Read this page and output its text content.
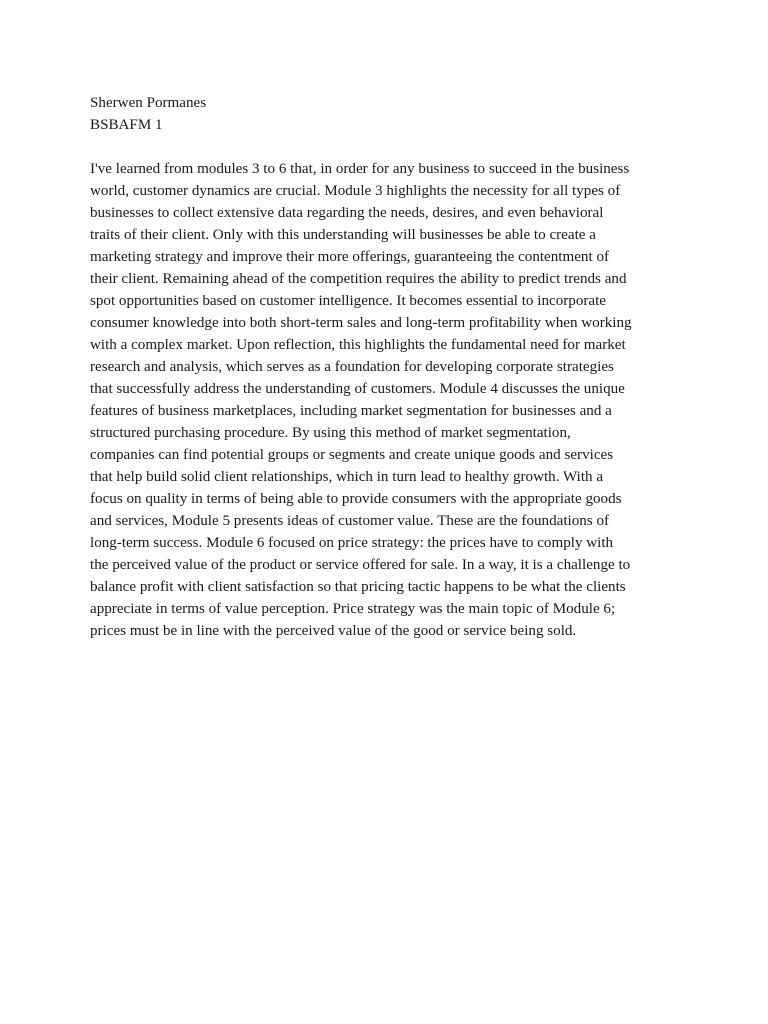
Sherwen Pormanes

BSBAFM 1

I've learned from modules 3 to 6 that, in order for any business to succeed in the business
world, customer dynamics are crucial. Module 3 highlights the necessity for all types of
businesses to collect extensive data regarding the needs, desires, and even behavioral
traits of their client. Only with this understanding will businesses be able to create a
marketing strategy and improve their more offerings, guaranteeing the contentment of
their client. Remaining ahead of the competition requires the ability to predict trends and
spot opportunities based on customer intelligence. It becomes essential to incorporate
consumer knowledge into both short-term sales and long-term profitability when working
with a complex market. Upon reflection, this highlights the fundamental need for market
research and analysis, which serves as a foundation for developing corporate strategies
that successfully address the understanding of customers. Module 4 discusses the unique
features of business marketplaces, including market segmentation for businesses and a
structured purchasing procedure. By using this method of market segmentation,
companies can find potential groups or segments and create unique goods and services
that help build solid client relationships, which in turn lead to healthy growth. With a
focus on quality in terms of being able to provide consumers with the appropriate goods
and services, Module 5 presents ideas of customer value. These are the foundations of
long-term success. Module 6 focused on price strategy: the prices have to comply with
the perceived value of the product or service offered for sale. In a way, it is a challenge to
balance profit with client satisfaction so that pricing tactic happens to be what the clients
appreciate in terms of value perception. Price strategy was the main topic of Module 6;
prices must be in line with the perceived value of the good or service being sold.
